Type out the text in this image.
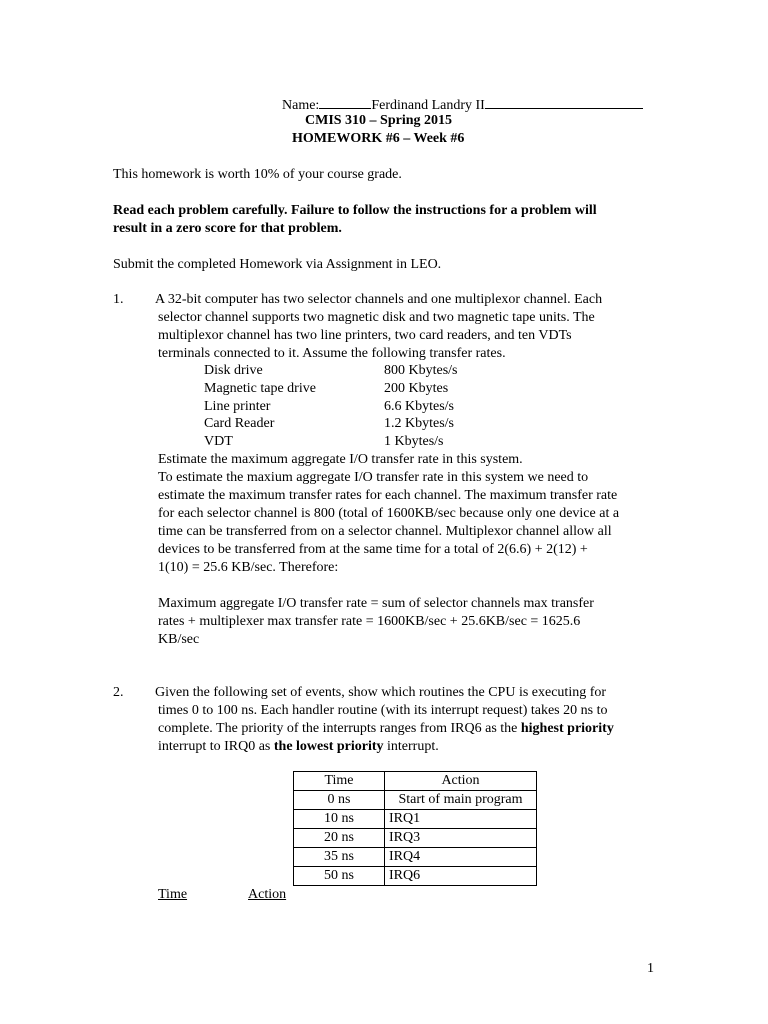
Name:	Ferdinand Landry II
CMIS 310 – Spring 2015
HOMEWORK #6 – Week #6
This homework is worth 10% of your course grade.
Read each problem carefully. Failure to follow the instructions for a problem will
result in a zero score for that problem.
Submit the completed Homework via Assignment in LEO.
1. A 32-bit computer has two selector channels and one multiplexor channel. Each
selector channel supports two magnetic disk and two magnetic tape units. The
multiplexor channel has two line printers, two card readers, and ten VDTs
terminals connected to it. Assume the following transfer rates.
Disk drive	800 Kbytes/s
Magnetic tape drive	200 Kbytes
Line printer	6.6 Kbytes/s
Card Reader	1.2 Kbytes/s
VDT	1 Kbytes/s
Estimate the maximum aggregate I/O transfer rate in this system.
To estimate the maxium aggregate I/O transfer rate in this system we need to
estimate the maximum transfer rates for each channel. The maximum transfer rate
for each selector channel is 800 (total of 1600KB/sec because only one device at a
time can be transferred from on a selector channel. Multiplexor channel allow all
devices to be transferred from at the same time for a total of 2(6.6) + 2(12) +
1(10) = 25.6 KB/sec. Therefore:
Maximum aggregate I/O transfer rate = sum of selector channels max transfer
rates + multiplexer max transfer rate = 1600KB/sec + 25.6KB/sec = 1625.6
KB/sec
2. Given the following set of events, show which routines the CPU is executing for
times 0 to 100 ns. Each handler routine (with its interrupt request) takes 20 ns to
complete. The priority of the interrupts ranges from IRQ6 as the highest priority
interrupt to IRQ0 as the lowest priority interrupt.
Time	Action
0 ns	Start of main program
10 ns	IRQ1
20 ns	IRQ3
35 ns	IRQ4
50 ns	IRQ6
Time	Action
1
